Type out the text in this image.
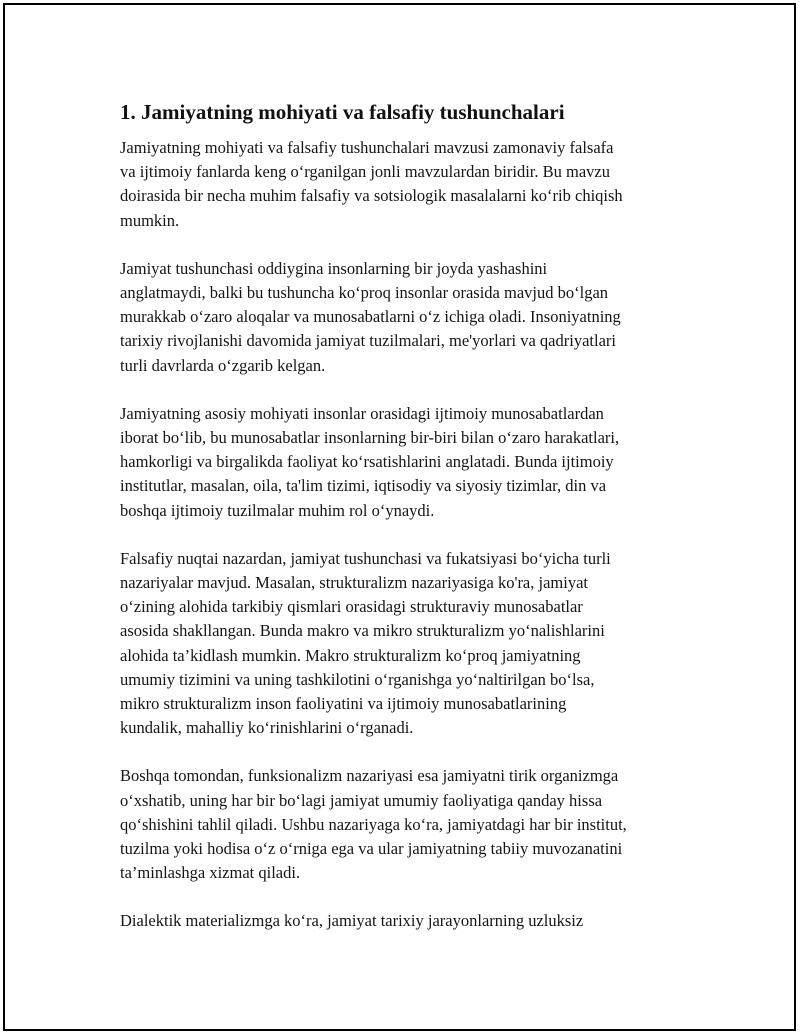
1. Jamiyatning mohiyati va falsafiy tushunchalari

Jamiyatning mohiyati va falsafiy tushunchalari mavzusi zamonaviy falsafa
va ijtimoiy fanlarda keng o‘rganilgan jonli mavzulardan biridir. Bu mavzu
doirasida bir necha muhim falsafiy va sotsiologik masalalarni ko‘rib chiqish
mumkin.

Jamiyat tushunchasi oddiygina insonlarning bir joyda yashashini
anglatmaydi, balki bu tushuncha ko‘proq insonlar orasida mavjud bo‘lgan
murakkab o‘zaro aloqalar va munosabatlarni o‘z ichiga oladi. Insoniyatning
tarixiy rivojlanishi davomida jamiyat tuzilmalari, me'yorlari va qadriyatlari
turli davrlarda o‘zgarib kelgan.

Jamiyatning asosiy mohiyati insonlar orasidagi ijtimoiy munosabatlardan
iborat bo‘lib, bu munosabatlar insonlarning bir-biri bilan o‘zaro harakatlari,
hamkorligi va birgalikda faoliyat ko‘rsatishlarini anglatadi. Bunda ijtimoiy
institutlar, masalan, oila, ta'lim tizimi, iqtisodiy va siyosiy tizimlar, din va
boshqa ijtimoiy tuzilmalar muhim rol o‘ynaydi.

Falsafiy nuqtai nazardan, jamiyat tushunchasi va fukatsiyasi bo‘yicha turli
nazariyalar mavjud. Masalan, strukturalizm nazariyasiga ko'ra, jamiyat
o‘zining alohida tarkibiy qismlari orasidagi strukturaviy munosabatlar
asosida shakllangan. Bunda makro va mikro strukturalizm yo‘nalishlarini
alohida ta’kidlash mumkin. Makro strukturalizm ko‘proq jamiyatning
umumiy tizimini va uning tashkilotini o‘rganishga yo‘naltirilgan bo‘lsa,
mikro strukturalizm inson faoliyatini va ijtimoiy munosabatlarining
kundalik, mahalliy ko‘rinishlarini o‘rganadi.

Boshqa tomondan, funksionalizm nazariyasi esa jamiyatni tirik organizmga
o‘xshatib, uning har bir bo‘lagi jamiyat umumiy faoliyatiga qanday hissa
qo‘shishini tahlil qiladi. Ushbu nazariyaga ko‘ra, jamiyatdagi har bir institut,
tuzilma yoki hodisa o‘z o‘rniga ega va ular jamiyatning tabiiy muvozanatini
ta’minlashga xizmat qiladi.

Dialektik materializmga ko‘ra, jamiyat tarixiy jarayonlarning uzluksiz
